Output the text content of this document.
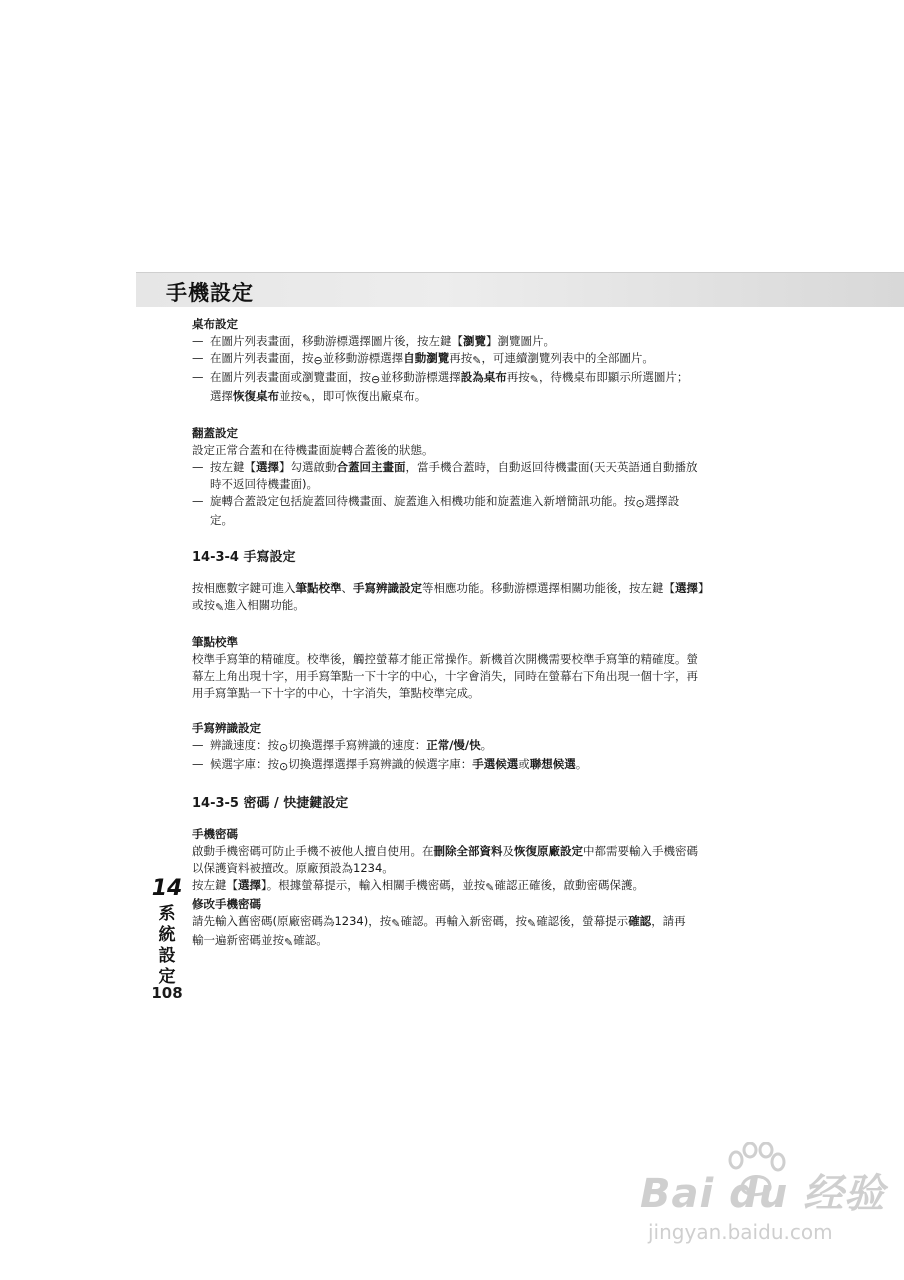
手機設定

桌布設定

— 在圖片列表畫面，移動游標選擇圖片後，按左鍵【瀏覽】瀏覽圖片。

— 在圖片列表畫面，按⊖並移動游標選擇自動瀏覽再按✎，可連續瀏覽列表中的全部圖片。

— 在圖片列表畫面或瀏覽畫面，按⊖並移動游標選擇設為桌布再按✎，待機桌布即顯示所選圖片；
選擇恢復桌布並按✎，即可恢復出廠桌布。

翻蓋設定

設定正常合蓋和在待機畫面旋轉合蓋後的狀態。

— 按左鍵【選擇】勾選啟動合蓋回主畫面，當手機合蓋時，自動返回待機畫面(天天英語通自動播放
時不返回待機畫面)。

— 旋轉合蓋設定包括旋蓋回待機畫面、旋蓋進入相機功能和旋蓋進入新增簡訊功能。按⊙選擇設
定。

14-3-4 手寫設定

按相應數字鍵可進入筆點校準、手寫辨識設定等相應功能。移動游標選擇相關功能後，按左鍵【選擇】
或按✎進入相關功能。

筆點校準

校準手寫筆的精確度。校準後，觸控螢幕才能正常操作。新機首次開機需要校準手寫筆的精確度。螢
幕左上角出現十字，用手寫筆點一下十字的中心，十字會消失，同時在螢幕右下角出現一個十字，再
用手寫筆點一下十字的中心，十字消失，筆點校準完成。

手寫辨識設定

— 辨識速度：按⊙切換選擇手寫辨識的速度：正常/慢/快。

— 候選字庫：按⊙切換選擇選擇手寫辨識的候選字庫：手選候選或聯想候選。

14-3-5 密碼 / 快捷鍵設定

手機密碼

啟動手機密碼可防止手機不被他人擅自使用。在刪除全部資料及恢復原廠設定中都需要輸入手機密碼
以保護資料被擅改。原廠預設為1234。
按左鍵【選擇】。根據螢幕提示，輸入相關手機密碼，並按✎確認正確後，啟動密碼保護。

修改手機密碼

請先輸入舊密碼(原廠密碼為1234)，按✎確認。再輸入新密碼，按✎確認後，螢幕提示確認，請再
輸一遍新密碼並按✎確認。

14
系統設定
108
Bai du 经验
jingyan.baidu.com
